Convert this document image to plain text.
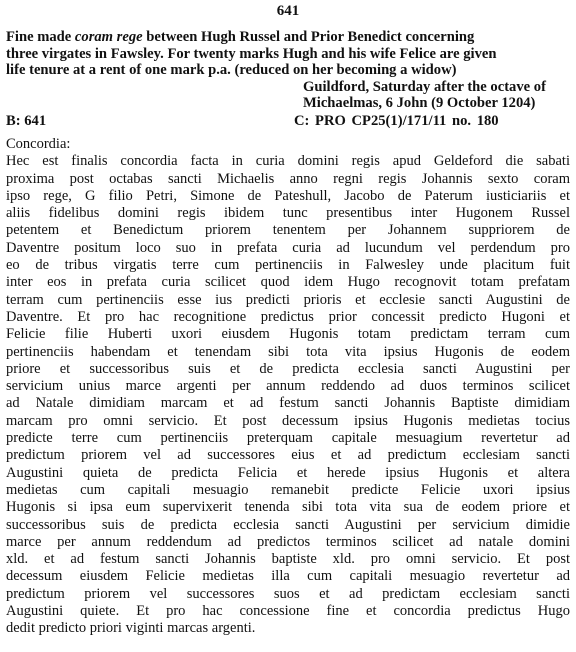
641
Fine made coram rege between Hugh Russel and Prior Benedict concerning
three virgates in Fawsley. For twenty marks Hugh and his wife Felice are given
life tenure at a rent of one mark p.a. (reduced on her becoming a widow)
Guildford, Saturday after the octave of
Michaelmas, 6 John (9 October 1204)
B: 641	C: PRO CP25(1)/171/11 no. 180
Concordia:
Hec est finalis concordia facta in curia domini regis apud Geldeford die sabati
proxima post octabas sancti Michaelis anno regni regis Johannis sexto coram
ipso rege, G filio Petri, Simone de Pateshull, Jacobo de Paterum iusticiariis et
aliis fidelibus domini regis ibidem tunc presentibus inter Hugonem Russel
petentem et Benedictum priorem tenentem per Johannem suppriorem de
Daventre positum loco suo in prefata curia ad lucundum vel perdendum pro
eo de tribus virgatis terre cum pertinenciis in Falwesley unde placitum fuit
inter eos in prefata curia scilicet quod idem Hugo recognovit totam prefatam
terram cum pertinenciis esse ius predicti prioris et ecclesie sancti Augustini de
Daventre. Et pro hac recognitione predictus prior concessit predicto Hugoni et
Felicie filie Huberti uxori eiusdem Hugonis totam predictam terram cum
pertinenciis habendam et tenendam sibi tota vita ipsius Hugonis de eodem
priore et successoribus suis et de predicta ecclesia sancti Augustini per
servicium unius marce argenti per annum reddendo ad duos terminos scilicet
ad Natale dimidiam marcam et ad festum sancti Johannis Baptiste dimidiam
marcam pro omni servicio. Et post decessum ipsius Hugonis medietas tocius
predicte terre cum pertinenciis preterquam capitale mesuagium revertetur ad
predictum priorem vel ad successores eius et ad predictum ecclesiam sancti
Augustini quieta de predicta Felicia et herede ipsius Hugonis et altera
medietas cum capitali mesuagio remanebit predicte Felicie uxori ipsius
Hugonis si ipsa eum supervixerit tenenda sibi tota vita sua de eodem priore et
successoribus suis de predicta ecclesia sancti Augustini per servicium dimidie
marce per annum reddendum ad predictos terminos scilicet ad natale domini
xld. et ad festum sancti Johannis baptiste xld. pro omni servicio. Et post
decessum eiusdem Felicie medietas illa cum capitali mesuagio revertetur ad
predictum priorem vel successores suos et ad predictam ecclesiam sancti
Augustini quiete. Et pro hac concessione fine et concordia predictus Hugo
dedit predicto priori viginti marcas argenti.
